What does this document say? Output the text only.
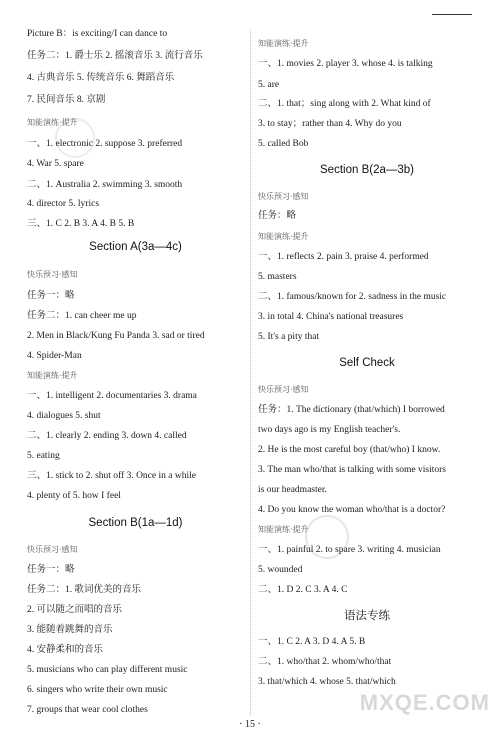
Picture B：is exciting/I can dance to
任务二：1. 爵士乐 2. 摇滚音乐 3. 流行音乐
4. 古典音乐 5. 传统音乐 6. 舞蹈音乐
7. 民间音乐 8. 京剧
知能演练·提升
一、1. electronic 2. suppose 3. preferred
4. War 5. spare
二、1. Australia 2. swimming 3. smooth
4. director 5. lyrics
三、1. C 2. B 3. A 4. B 5. B
Section A(3a—4c)
快乐预习·感知
任务一：略
任务二：1. can cheer me up
2. Men in Black/Kung Fu Panda 3. sad or tired
4. Spider-Man
知能演练·提升
一、1. intelligent 2. documentaries 3. drama
4. dialogues 5. shut
二、1. clearly 2. ending 3. down 4. called
5. eating
三、1. stick to 2. shut off 3. Once in a while
4. plenty of 5. how I feel
Section B(1a—1d)
快乐预习·感知
任务一：略
任务二：1. 歌词优美的音乐
2. 可以随之而唱的音乐
3. 能随着跳舞的音乐
4. 安静柔和的音乐
5. musicians who can play different music
6. singers who write their own music
7. groups that wear cool clothes
知能演练·提升
一、1. movies 2. player 3. whose 4. is talking
5. are
二、1. that；sing along with 2. What kind of
3. to stay；rather than 4. Why do you
5. called Bob
Section B(2a—3b)
快乐预习·感知
任务：略
知能演练·提升
一、1. reflects 2. pain 3. praise 4. performed
5. masters
二、1. famous/known for 2. sadness in the music
3. in total 4. China's national treasures
5. It's a pity that
Self Check
快乐预习·感知
任务：1. The dictionary (that/which) I borrowed
two days ago is my English teacher's.
2. He is the most careful boy (that/who) I know.
3. The man who/that is talking with some visitors
is our headmaster.
4. Do you know the woman who/that is a doctor?
知能演练·提升
一、1. painful 2. to spare 3. writing 4. musician
5. wounded
二、1. D 2. C 3. A 4. C
语法专练
一、1. C 2. A 3. D 4. A 5. B
二、1. who/that 2. whom/who/that
3. that/which 4. whose 5. that/which
MXQE.COM
· 15 ·
